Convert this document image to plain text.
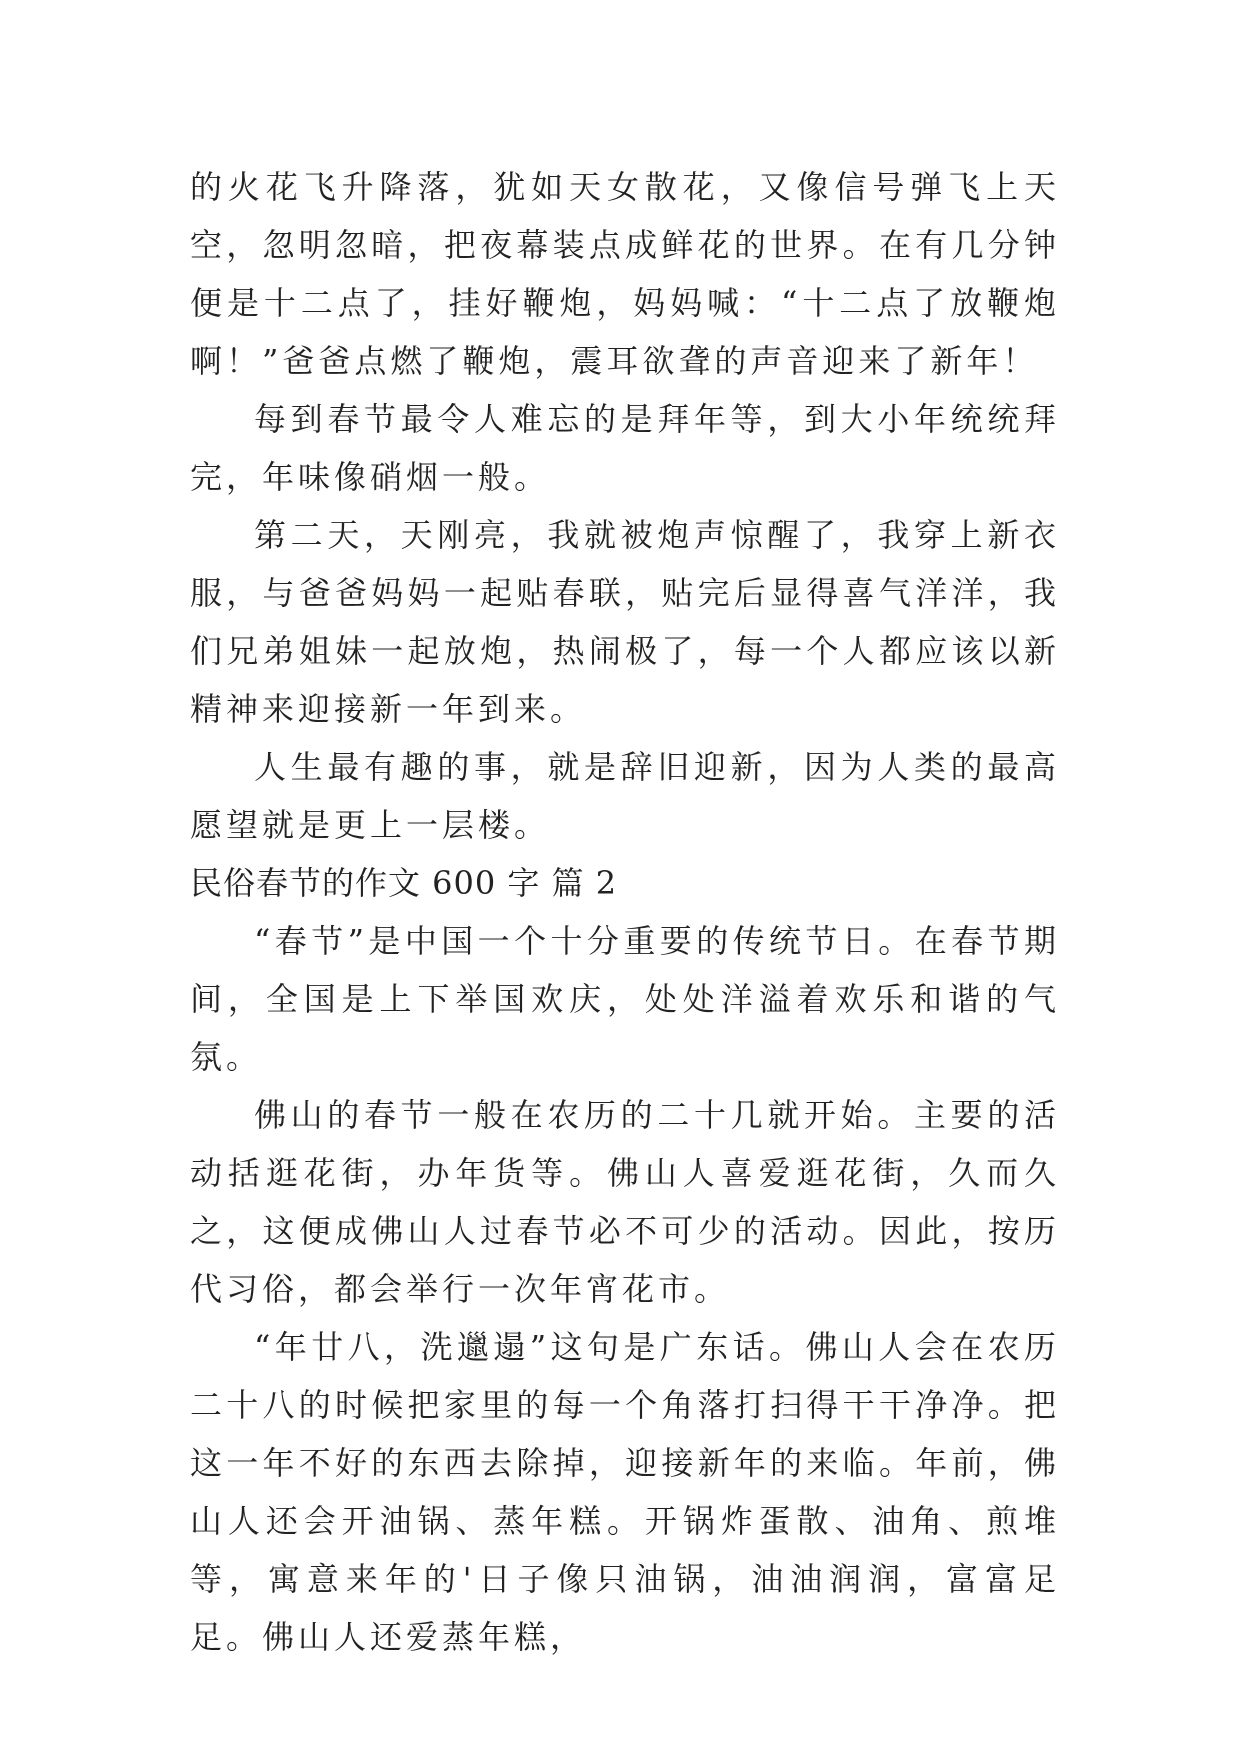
的火花飞升降落，犹如天女散花，又像信号弹飞上天空，忽明忽暗，把夜幕装点成鲜花的世界。在有几分钟便是十二点了，挂好鞭炮，妈妈喊：“十二点了放鞭炮啊！”爸爸点燃了鞭炮，震耳欲聋的声音迎来了新年！

每到春节最令人难忘的是拜年等，到大小年统统拜完，年味像硝烟一般。

第二天，天刚亮，我就被炮声惊醒了，我穿上新衣服，与爸爸妈妈一起贴春联，贴完后显得喜气洋洋，我们兄弟姐妹一起放炮，热闹极了，每一个人都应该以新精神来迎接新一年到来。

人生最有趣的事，就是辞旧迎新，因为人类的最高愿望就是更上一层楼。

民俗春节的作文 600 字 篇 2

“春节”是中国一个十分重要的传统节日。在春节期间，全国是上下举国欢庆，处处洋溢着欢乐和谐的气氛。

佛山的春节一般在农历的二十几就开始。主要的活动括逛花街，办年货等。佛山人喜爱逛花街，久而久之，这便成佛山人过春节必不可少的活动。因此，按历代习俗，都会举行一次年宵花市。

“年廿八，洗邋遢”这句是广东话。佛山人会在农历二十八的时候把家里的每一个角落打扫得干干净净。把这一年不好的东西去除掉，迎接新年的来临。年前，佛山人还会开油锅、蒸年糕。开锅炸蛋散、油角、煎堆等，寓意来年的'日子像只油锅，油油润润，富富足足。佛山人还爱蒸年糕，
